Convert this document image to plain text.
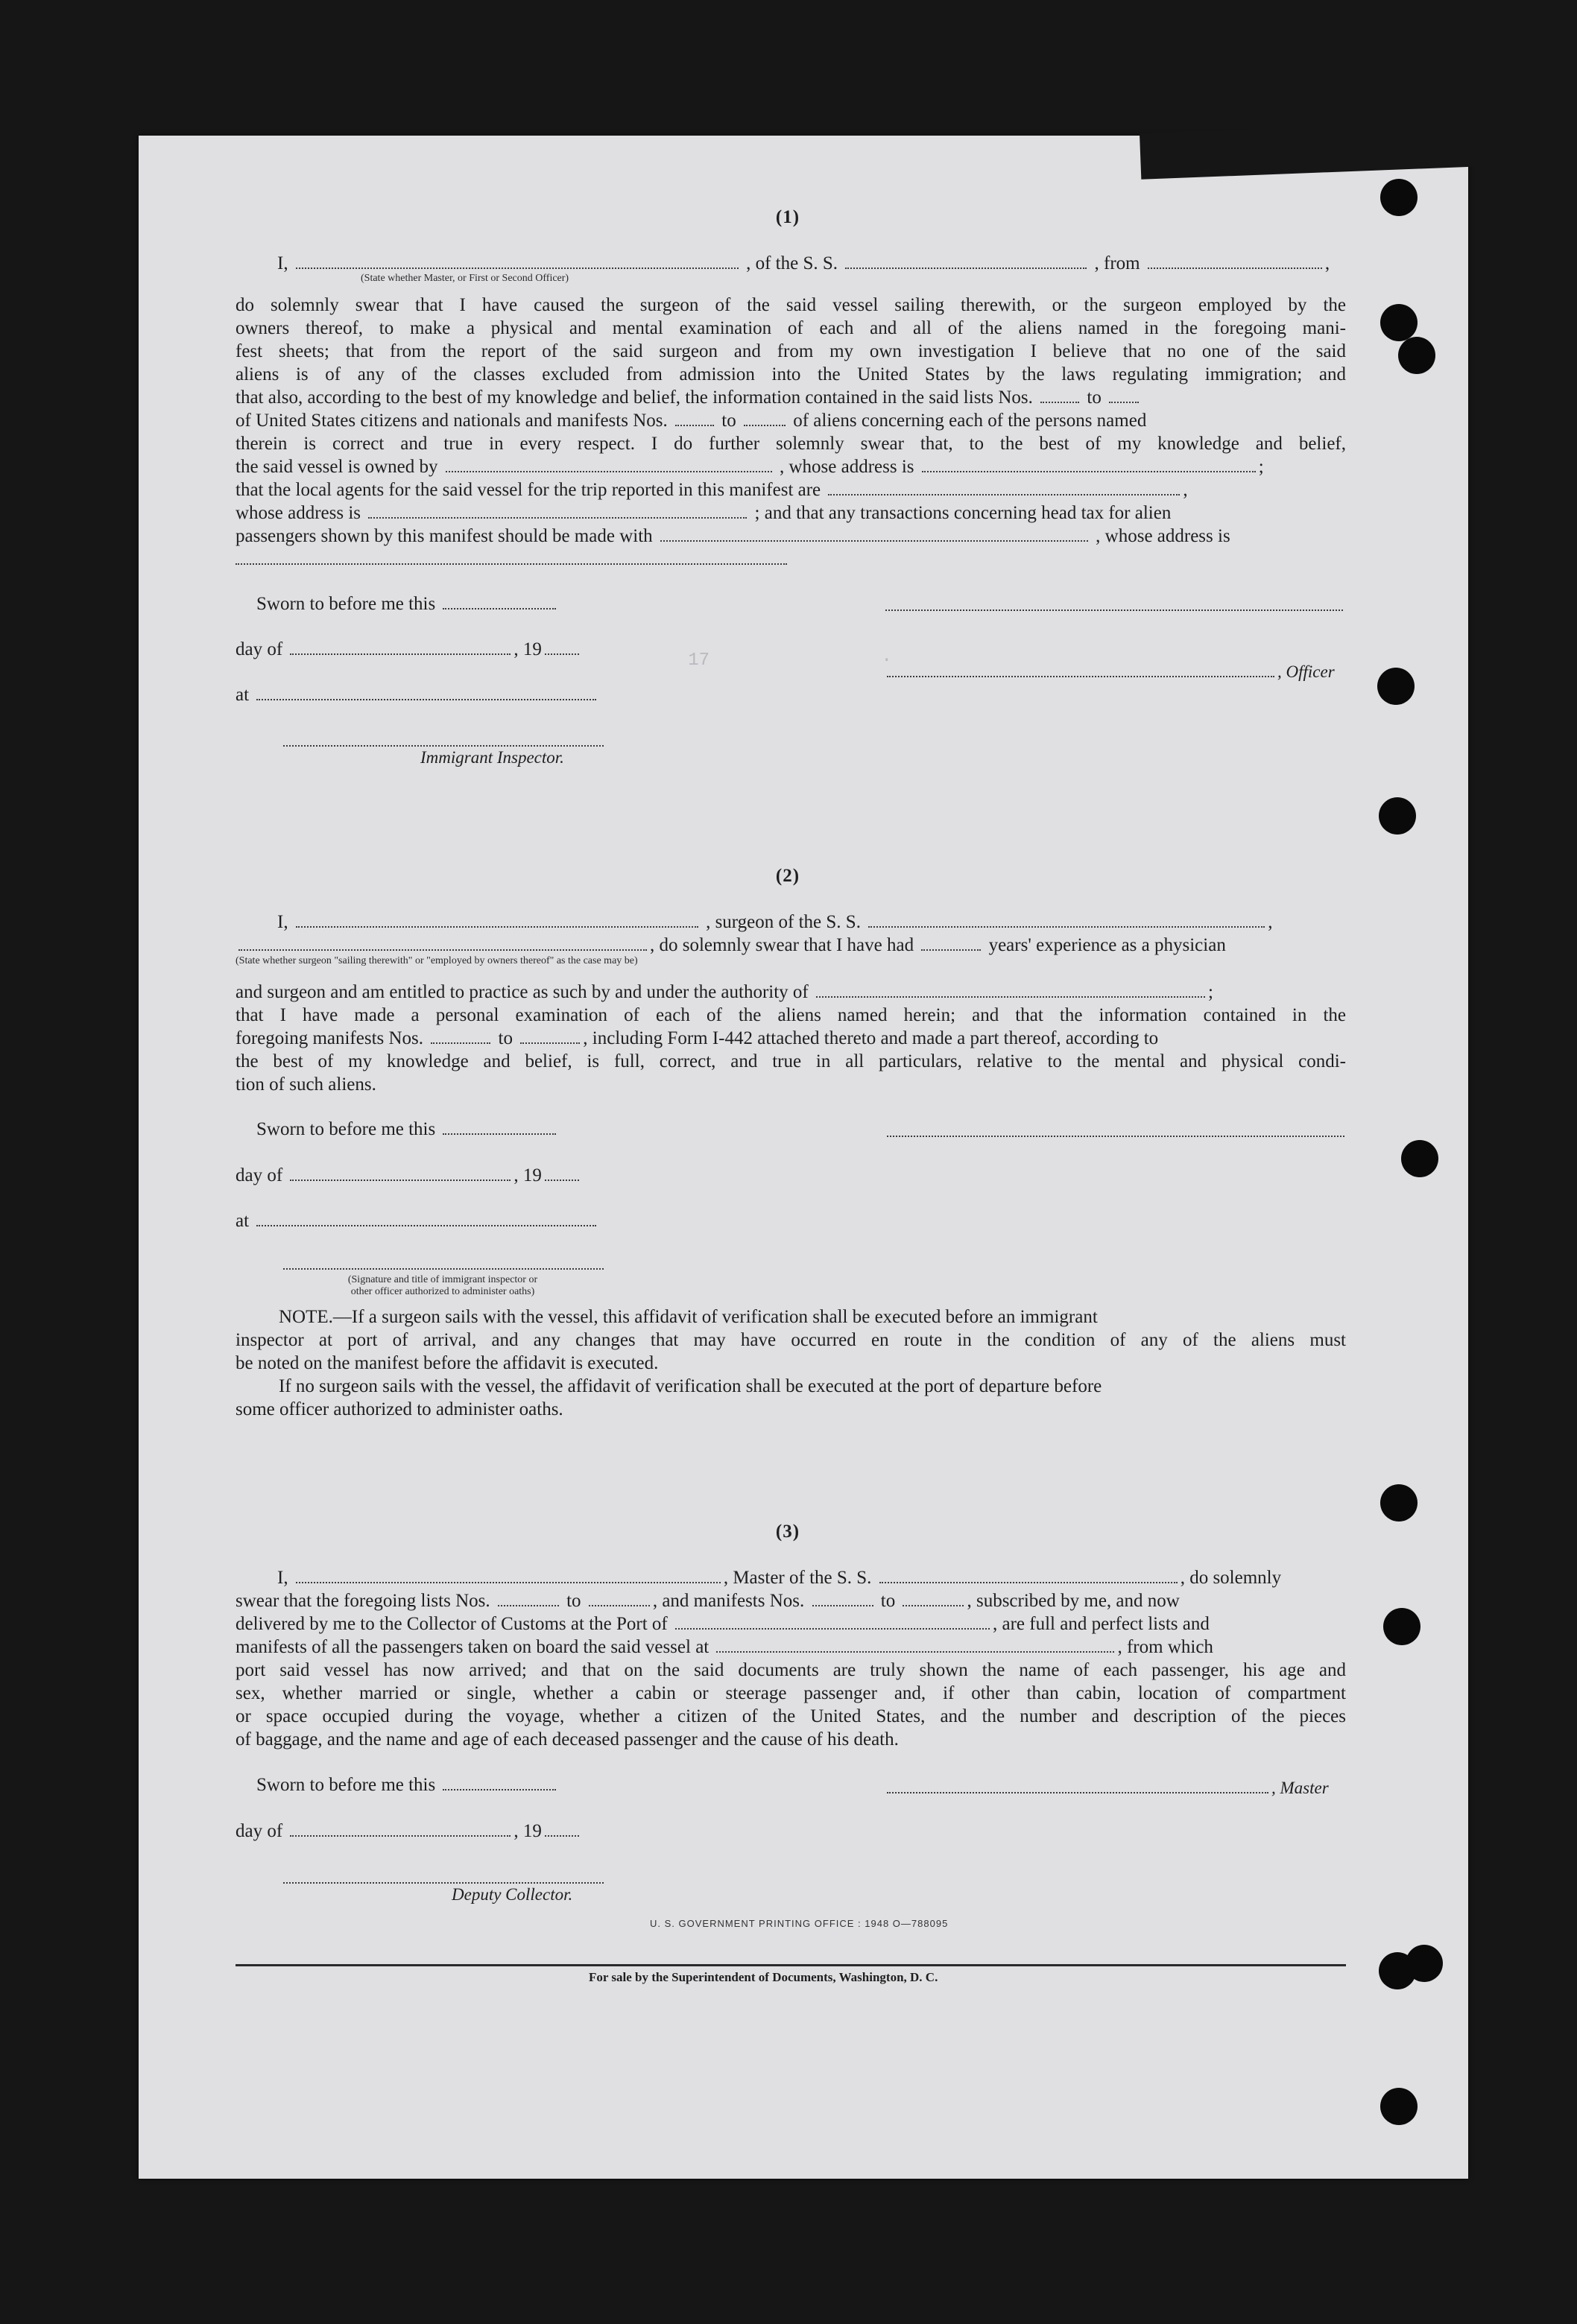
17                ·

(1)
I,	, of the S. S.	, from	,
(State whether Master, or First or Second Officer)
do solemnly swear that I have caused the surgeon of the said vessel sailing therewith, or the surgeon employed by the
owners thereof, to make a physical and mental examination of each and all of the aliens named in the foregoing mani-
fest sheets; that from the report of the said surgeon and from my own investigation I believe that no one of the said
aliens is of any of the classes excluded from admission into the United States by the laws regulating immigration; and
that also, according to the best of my knowledge and belief, the information contained in the said lists Nos.	to
of United States citizens and nationals and manifests Nos.	to	of aliens concerning each of the persons named
therein is correct and true in every respect. I do further solemnly swear that, to the best of my knowledge and belief,
the said vessel is owned by	, whose address is	;
that the local agents for the said vessel for the trip reported in this manifest are	,
whose address is	; and that any transactions concerning head tax for alien
passengers shown by this manifest should be made with	, whose address is
Sworn to before me this
day of	, 19
at
, Officer
Immigrant Inspector.
(2)
I,	, surgeon of the S. S.	,
, do solemnly swear that I have had	years' experience as a physician
(State whether surgeon "sailing therewith" or "employed by owners thereof" as the case may be)
and surgeon and am entitled to practice as such by and under the authority of	;
that I have made a personal examination of each of the aliens named herein; and that the information contained in the
foregoing manifests Nos.	to	, including Form I-442 attached thereto and made a part thereof, according to
the best of my knowledge and belief, is full, correct, and true in all particulars, relative to the mental and physical condi-
tion of such aliens.
Sworn to before me this
day of	, 19
at
(Signature and title of immigrant inspector or
other officer authorized to administer oaths)
NOTE.—If a surgeon sails with the vessel, this affidavit of verification shall be executed before an immigrant
inspector at port of arrival, and any changes that may have occurred en route in the condition of any of the aliens must
be noted on the manifest before the affidavit is executed.
If no surgeon sails with the vessel, the affidavit of verification shall be executed at the port of departure before
some officer authorized to administer oaths.
(3)
I,	, Master of the S. S.	, do solemnly
swear that the foregoing lists Nos.	to	, and manifests Nos.	to	, subscribed by me, and now
delivered by me to the Collector of Customs at the Port of	, are full and perfect lists and
manifests of all the passengers taken on board the said vessel at	, from which
port said vessel has now arrived; and that on the said documents are truly shown the name of each passenger, his age and
sex, whether married or single, whether a cabin or steerage passenger and, if other than cabin, location of compartment
or space occupied during the voyage, whether a citizen of the United States, and the number and description of the pieces
of baggage, and the name and age of each deceased passenger and the cause of his death.
Sworn to before me this	, Master
day of	, 19
Deputy Collector.
U. S. GOVERNMENT PRINTING OFFICE : 1948 O—788095
For sale by the Superintendent of Documents, Washington, D. C.
